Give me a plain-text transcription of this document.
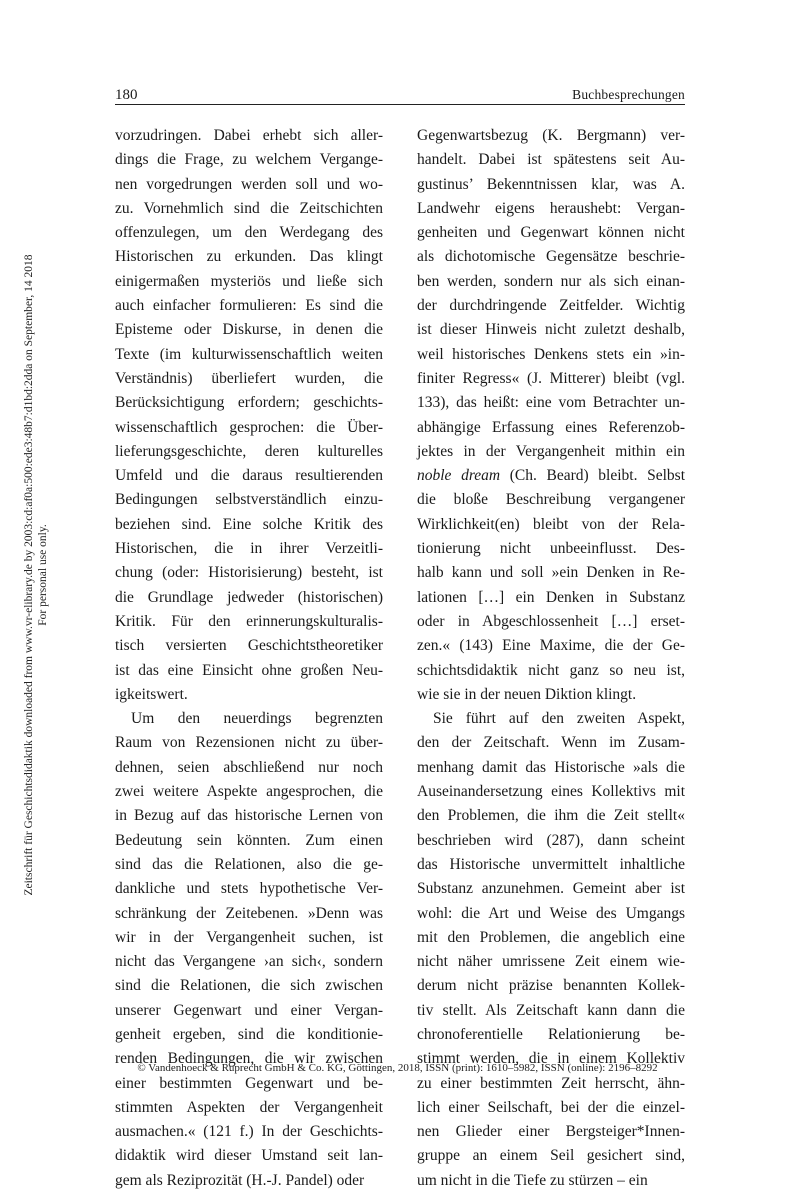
180	Buchbesprechungen
Zeitschrift für Geschichtsdidaktik downloaded from www.vr-elibrary.de by 2003:cd:af0a:500:ede3:48b7:d1bd:2dda on September, 14 2018 For personal use only.

vorzudringen. Dabei erhebt sich aller-
dings die Frage, zu welchem Vergange-
nen vorgedrungen werden soll und wo-
zu. Vornehmlich sind die Zeitschichten
offenzulegen, um den Werdegang des
Historischen zu erkunden. Das klingt
einigermaßen mysteriös und ließe sich
auch einfacher formulieren: Es sind die
Episteme oder Diskurse, in denen die
Texte (im kulturwissenschaftlich weiten
Verständnis) überliefert wurden, die
Berücksichtigung erfordern; geschichts-
wissenschaftlich gesprochen: die Über-
lieferungsgeschichte, deren kulturelles
Umfeld und die daraus resultierenden
Bedingungen selbstverständlich einzu-
beziehen sind. Eine solche Kritik des
Historischen, die in ihrer Verzeitli-
chung (oder: Historisierung) besteht, ist
die Grundlage jedweder (historischen)
Kritik. Für den erinnerungskulturalis-
tisch versierten Geschichtstheoretiker
ist das eine Einsicht ohne großen Neu-
igkeitswert.

Um den neuerdings begrenzten
Raum von Rezensionen nicht zu über-
dehnen, seien abschließend nur noch
zwei weitere Aspekte angesprochen, die
in Bezug auf das historische Lernen von
Bedeutung sein könnten. Zum einen
sind das die Relationen, also die ge-
dankliche und stets hypothetische Ver-
schränkung der Zeitebenen. »Denn was
wir in der Vergangenheit suchen, ist
nicht das Vergangene ›an sich‹, sondern
sind die Relationen, die sich zwischen
unserer Gegenwart und einer Vergan-
genheit ergeben, sind die konditionie-
renden Bedingungen, die wir zwischen
einer bestimmten Gegenwart und be-
stimmten Aspekten der Vergangenheit
ausmachen.« (121 f.) In der Geschichts-
didaktik wird dieser Umstand seit lan-
gem als Reziprozität (H.-J. Pandel) oder

Gegenwartsbezug (K. Bergmann) ver-
handelt. Dabei ist spätestens seit Au-
gustinus’ Bekenntnissen klar, was A.
Landwehr eigens heraushebt: Vergan-
genheiten und Gegenwart können nicht
als dichotomische Gegensätze beschrie-
ben werden, sondern nur als sich einan-
der durchdringende Zeitfelder. Wichtig
ist dieser Hinweis nicht zuletzt deshalb,
weil historisches Denkens stets ein »in-
finiter Regress« (J. Mitterer) bleibt (vgl.
133), das heißt: eine vom Betrachter un-
abhängige Erfassung eines Referenzob-
jektes in der Vergangenheit mithin ein
noble dream (Ch. Beard) bleibt. Selbst
die bloße Beschreibung vergangener
Wirklichkeit(en) bleibt von der Rela-
tionierung nicht unbeeinflusst. Des-
halb kann und soll »ein Denken in Re-
lationen […] ein Denken in Substanz
oder in Abgeschlossenheit […] erset-
zen.« (143) Eine Maxime, die der Ge-
schichtsdidaktik nicht ganz so neu ist,
wie sie in der neuen Diktion klingt.

Sie führt auf den zweiten Aspekt,
den der Zeitschaft. Wenn im Zusam-
menhang damit das Historische »als die
Auseinandersetzung eines Kollektivs mit
den Problemen, die ihm die Zeit stellt«
beschrieben wird (287), dann scheint
das Historische unvermittelt inhaltliche
Substanz anzunehmen. Gemeint aber ist
wohl: die Art und Weise des Umgangs
mit den Problemen, die angeblich eine
nicht näher umrissene Zeit einem wie-
derum nicht präzise benannten Kollek-
tiv stellt. Als Zeitschaft kann dann die
chronoferentielle Relationierung be-
stimmt werden, die in einem Kollektiv
zu einer bestimmten Zeit herrscht, ähn-
lich einer Seilschaft, bei der die einzel-
nen Glieder einer Bergsteiger*Innen-
gruppe an einem Seil gesichert sind,
um nicht in die Tiefe zu stürzen – ein

© Vandenhoeck & Ruprecht GmbH & Co. KG, Göttingen, 2018, ISSN (print): 1610–5982, ISSN (online): 2196–8292
